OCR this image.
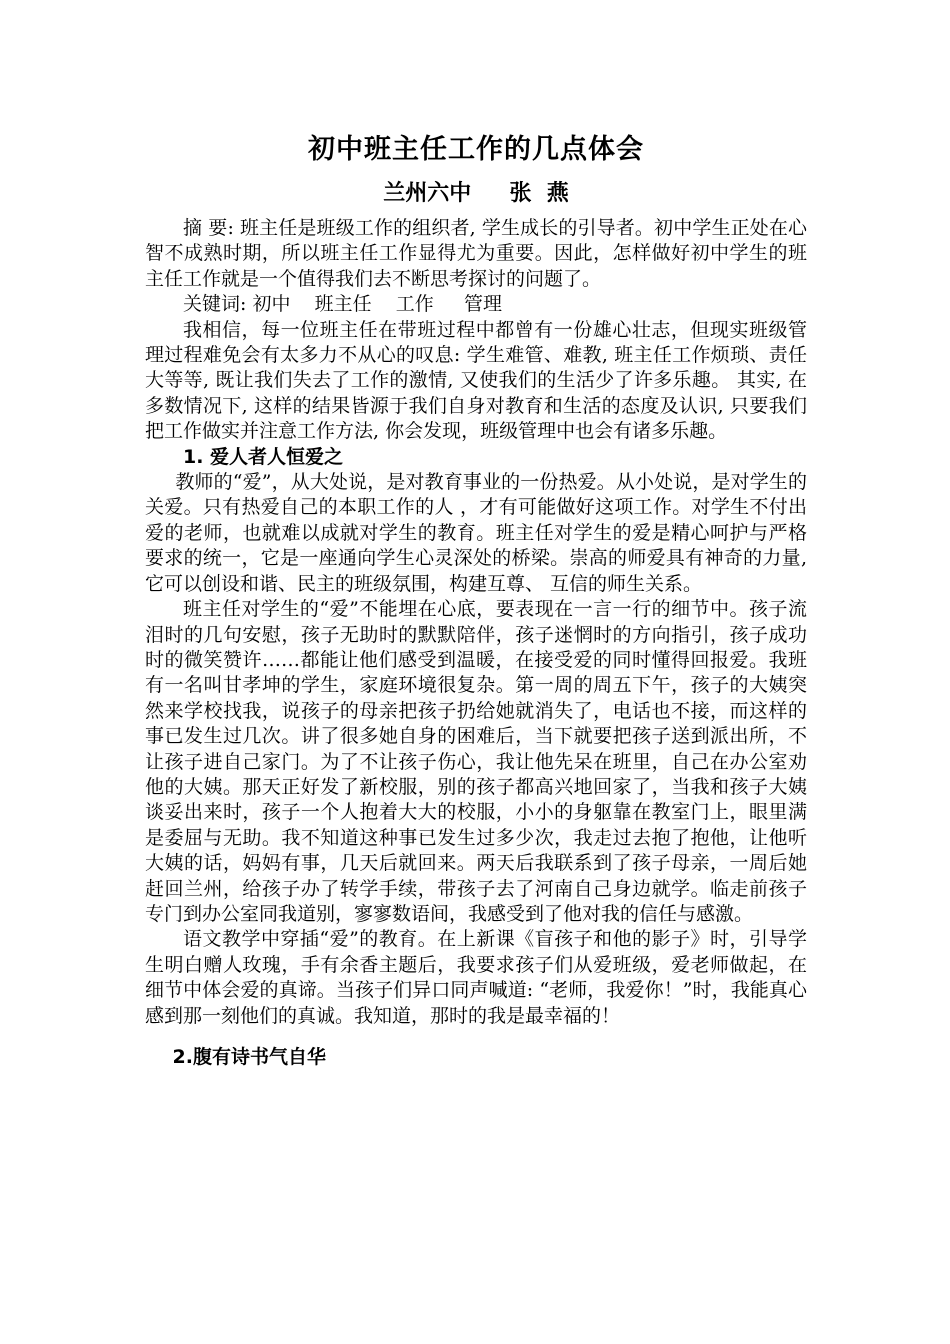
初中班主任工作的几点体会
兰州六中     张  燕

摘 要: 班主任是班级工作的组织者, 学生成长的引导者。初中学生正处在心智不成熟时期，所以班主任工作显得尤为重要。因此，怎样做好初中学生的班主任工作就是一个值得我们去不断思考探讨的问题了。

关键词: 初中    班主任    工作     管理

我相信，每一位班主任在带班过程中都曾有一份雄心壮志，但现实班级管理过程难免会有太多力不从心的叹息: 学生难管、难教, 班主任工作烦琐、责任大等等, 既让我们失去了工作的激情, 又使我们的生活少了许多乐趣。 其实, 在多数情况下, 这样的结果皆源于我们自身对教育和生活的态度及认识, 只要我们把工作做实并注意工作方法, 你会发现，班级管理中也会有诸多乐趣。

1. 爱人者人恒爱之

教师的“爱”，从大处说，是对教育事业的一份热爱。从小处说，是对学生的关爱。只有热爱自己的本职工作的人 ，才有可能做好这项工作。对学生不付出爱的老师，也就难以成就对学生的教育。班主任对学生的爱是精心呵护与严格要求的统一，它是一座通向学生心灵深处的桥梁。崇高的师爱具有神奇的力量, 它可以创设和谐、民主的班级氛围，构建互尊、 互信的师生关系。

班主任对学生的“爱”不能埋在心底，要表现在一言一行的细节中。孩子流泪时的几句安慰，孩子无助时的默默陪伴，孩子迷惘时的方向指引，孩子成功时的微笑赞许……都能让他们感受到温暖，在接受爱的同时懂得回报爱。我班有一名叫甘孝坤的学生，家庭环境很复杂。第一周的周五下午，孩子的大姨突然来学校找我，说孩子的母亲把孩子扔给她就消失了，电话也不接，而这样的事已发生过几次。讲了很多她自身的困难后，当下就要把孩子送到派出所，不让孩子进自己家门。为了不让孩子伤心，我让他先呆在班里，自己在办公室劝他的大姨。那天正好发了新校服，别的孩子都高兴地回家了，当我和孩子大姨谈妥出来时，孩子一个人抱着大大的校服，小小的身躯靠在教室门上，眼里满是委屈与无助。我不知道这种事已发生过多少次，我走过去抱了抱他，让他听大姨的话，妈妈有事，几天后就回来。两天后我联系到了孩子母亲，一周后她赶回兰州，给孩子办了转学手续，带孩子去了河南自己身边就学。临走前孩子专门到办公室同我道别，寥寥数语间，我感受到了他对我的信任与感激。

语文教学中穿插“爱”的教育。在上新课《盲孩子和他的影子》时，引导学生明白赠人玫瑰，手有余香主题后，我要求孩子们从爱班级，爱老师做起，在细节中体会爱的真谛。当孩子们异口同声喊道: “老师，我爱你！”时，我能真心感到那一刻他们的真诚。我知道，那时的我是最幸福的！

2.腹有诗书气自华
